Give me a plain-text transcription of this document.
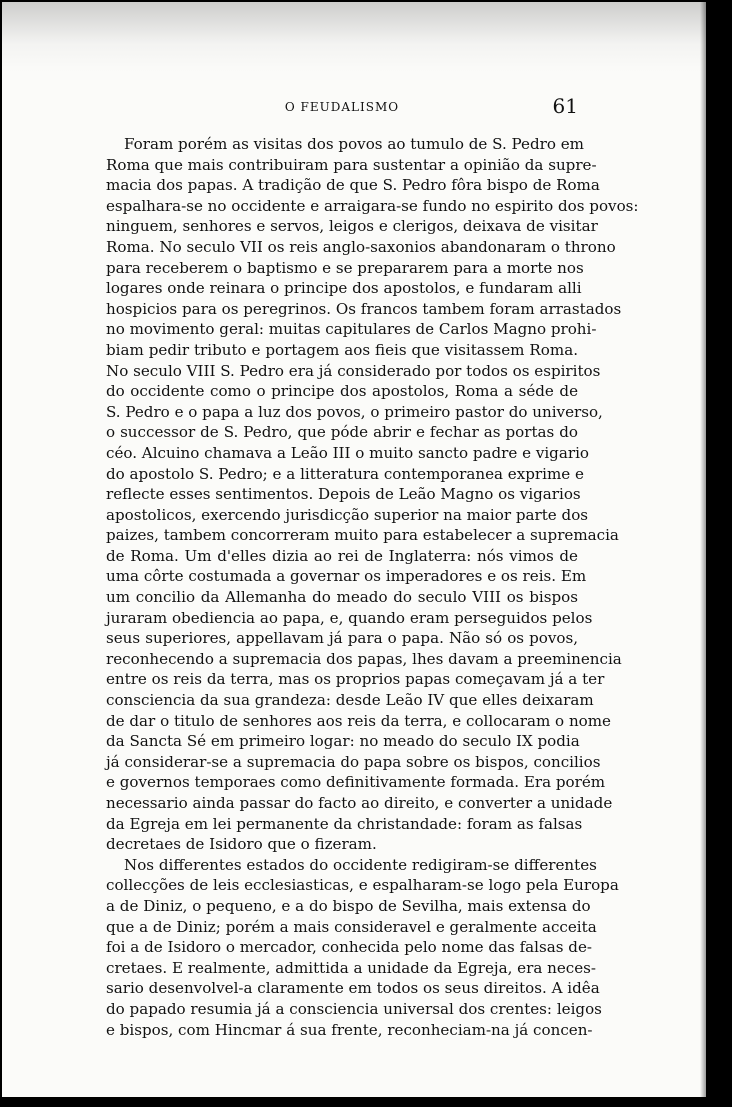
O FEUDALISMO	61
Foram porém as visitas dos povos ao tumulo de S. Pedro em
Roma que mais contribuiram para sustentar a opinião da supre-
macia dos papas. A tradição de que S. Pedro fôra bispo de Roma
espalhara-se no occidente e arraigara-se fundo no espirito dos povos:
ninguem, senhores e servos, leigos e clerigos, deixava de visitar
Roma. No seculo VII os reis anglo-saxonios abandonaram o throno
para receberem o baptismo e se prepararem para a morte nos
logares onde reinara o principe dos apostolos, e fundaram alli
hospicios para os peregrinos. Os francos tambem foram arrastados
no movimento geral: muitas capitulares de Carlos Magno prohi-
biam pedir tributo e portagem aos fieis que visitassem Roma.
No seculo VIII S. Pedro era já considerado por todos os espiritos
do occidente como o principe dos apostolos, Roma a séde de
S. Pedro e o papa a luz dos povos, o primeiro pastor do universo,
o successor de S. Pedro, que póde abrir e fechar as portas do
céo. Alcuino chamava a Leão III o muito sancto padre e vigario
do apostolo S. Pedro; e a litteratura contemporanea exprime e
reflecte esses sentimentos. Depois de Leão Magno os vigarios
apostolicos, exercendo jurisdicção superior na maior parte dos
paizes, tambem concorreram muito para estabelecer a supremacia
de Roma. Um d'elles dizia ao rei de Inglaterra: nós vimos de
uma côrte costumada a governar os imperadores e os reis. Em
um concilio da Allemanha do meado do seculo VIII os bispos
juraram obediencia ao papa, e, quando eram perseguidos pelos
seus superiores, appellavam já para o papa. Não só os povos,
reconhecendo a supremacia dos papas, lhes davam a preeminencia
entre os reis da terra, mas os proprios papas começavam já a ter
consciencia da sua grandeza: desde Leão IV que elles deixaram
de dar o titulo de senhores aos reis da terra, e collocaram o nome
da Sancta Sé em primeiro logar: no meado do seculo IX podia
já considerar-se a supremacia do papa sobre os bispos, concilios
e governos temporaes como definitivamente formada. Era porém
necessario ainda passar do facto ao direito, e converter a unidade
da Egreja em lei permanente da christandade: foram as falsas
decretaes de Isidoro que o fizeram.
Nos differentes estados do occidente redigiram-se differentes
collecções de leis ecclesiasticas, e espalharam-se logo pela Europa
a de Diniz, o pequeno, e a do bispo de Sevilha, mais extensa do
que a de Diniz; porém a mais consideravel e geralmente acceita
foi a de Isidoro o mercador, conhecida pelo nome das falsas de-
cretaes. E realmente, admittida a unidade da Egreja, era neces-
sario desenvolvel-a claramente em todos os seus direitos. A idêa
do papado resumia já a consciencia universal dos crentes: leigos
e bispos, com Hincmar á sua frente, reconheciam-na já concen-
